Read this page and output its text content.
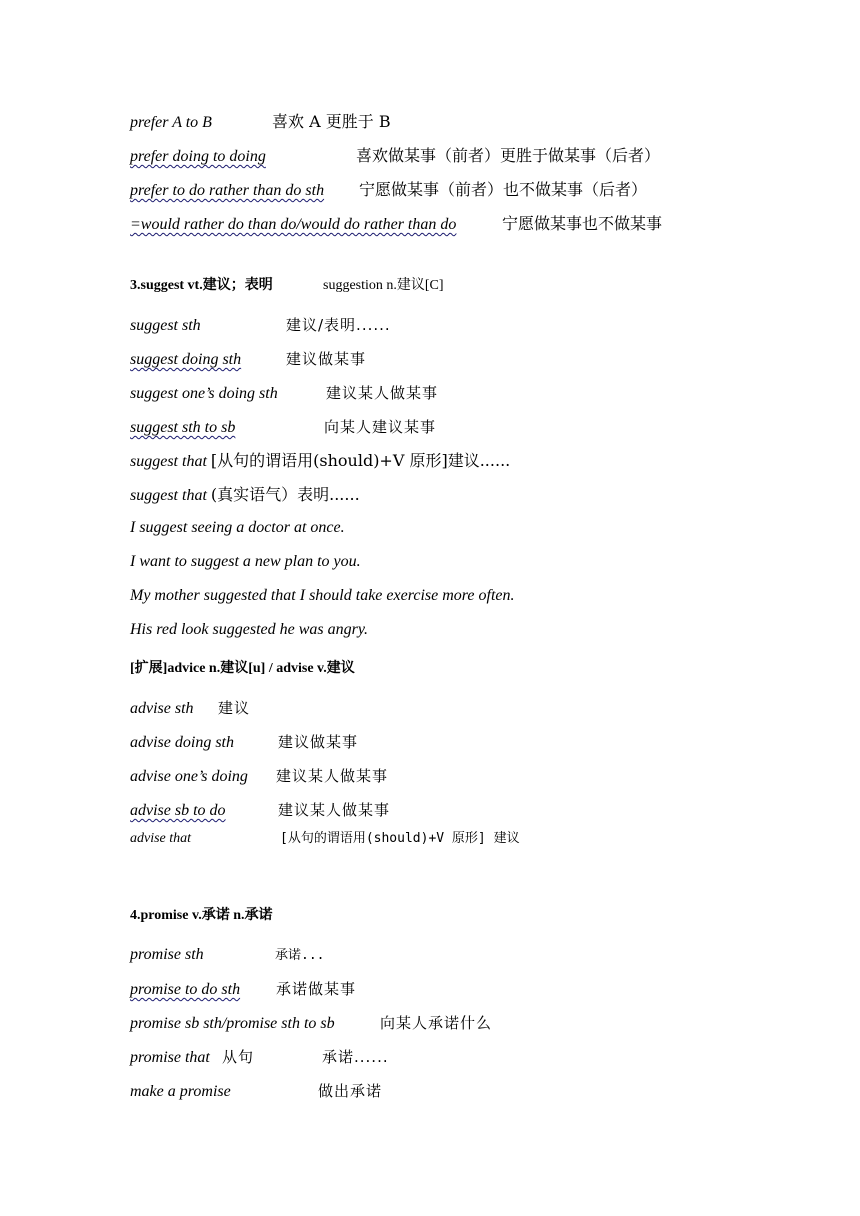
prefer A to B	喜欢 A 更胜于 B
prefer doing to doing	喜欢做某事（前者）更胜于做某事（后者）
prefer to do rather than do sth 宁愿做某事（前者）也不做某事（后者）
=would rather do than do/would do rather than do	宁愿做某事也不做某事
3.suggest vt.建议；表明	suggestion n.建议[C]
suggest sth	建议/表明......
suggest doing sth	建议做某事
suggest one’s doing sth	建议某人做某事
suggest sth to sb	向某人建议某事
suggest that [从句的谓语用(should)+V 原形]建议......
suggest that (真实语气）表明......
I suggest seeing a doctor at once.
I want to suggest a new plan to you.
My mother suggested that I should take exercise more often.
His red look suggested he was angry.
[扩展]advice n.建议[u] / advise v.建议
advise sth 建议
advise doing sth	建议做某事
advise one’s doing 建议某人做某事
advise sb to do	建议某人做某事
advise that	[从句的谓语用(should)+V 原形] 建议
4.promise v.承诺 n.承诺
promise sth	承诺...
promise to do sth 承诺做某事
promise sb sth/promise sth to sb	向某人承诺什么
promise that 从句	承诺......
make a promise	做出承诺
